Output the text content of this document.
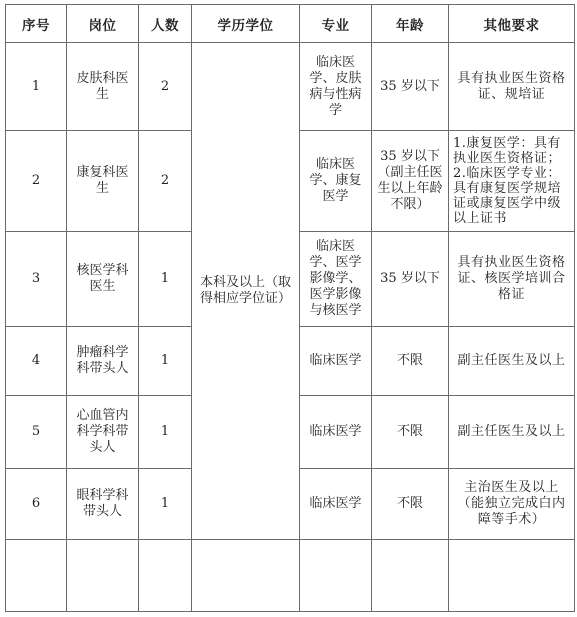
序号	岗位	人数	学历学位	专业	年龄	其他要求
1	皮肤科医生	2	本科及以上（取得相应学位证）	临床医学、皮肤病与性病学	35 岁以下	具有执业医生资格证、规培证
2	康复科医生	2		临床医学、康复医学	35 岁以下（副主任医生以上年龄不限）	1.康复医学：具有执业医生资格证；2.临床医学专业：具有康复医学规培证或康复医学中级以上证书
3	核医学科医生	1		临床医学、医学影像学、医学影像与核医学	35 岁以下	具有执业医生资格证、核医学培训合格证
4	肿瘤科学科带头人	1		临床医学	不限	副主任医生及以上
5	心血管内科学科带头人	1		临床医学	不限	副主任医生及以上
6	眼科学科带头人	1		临床医学	不限	主治医生及以上（能独立完成白内障等手术）
